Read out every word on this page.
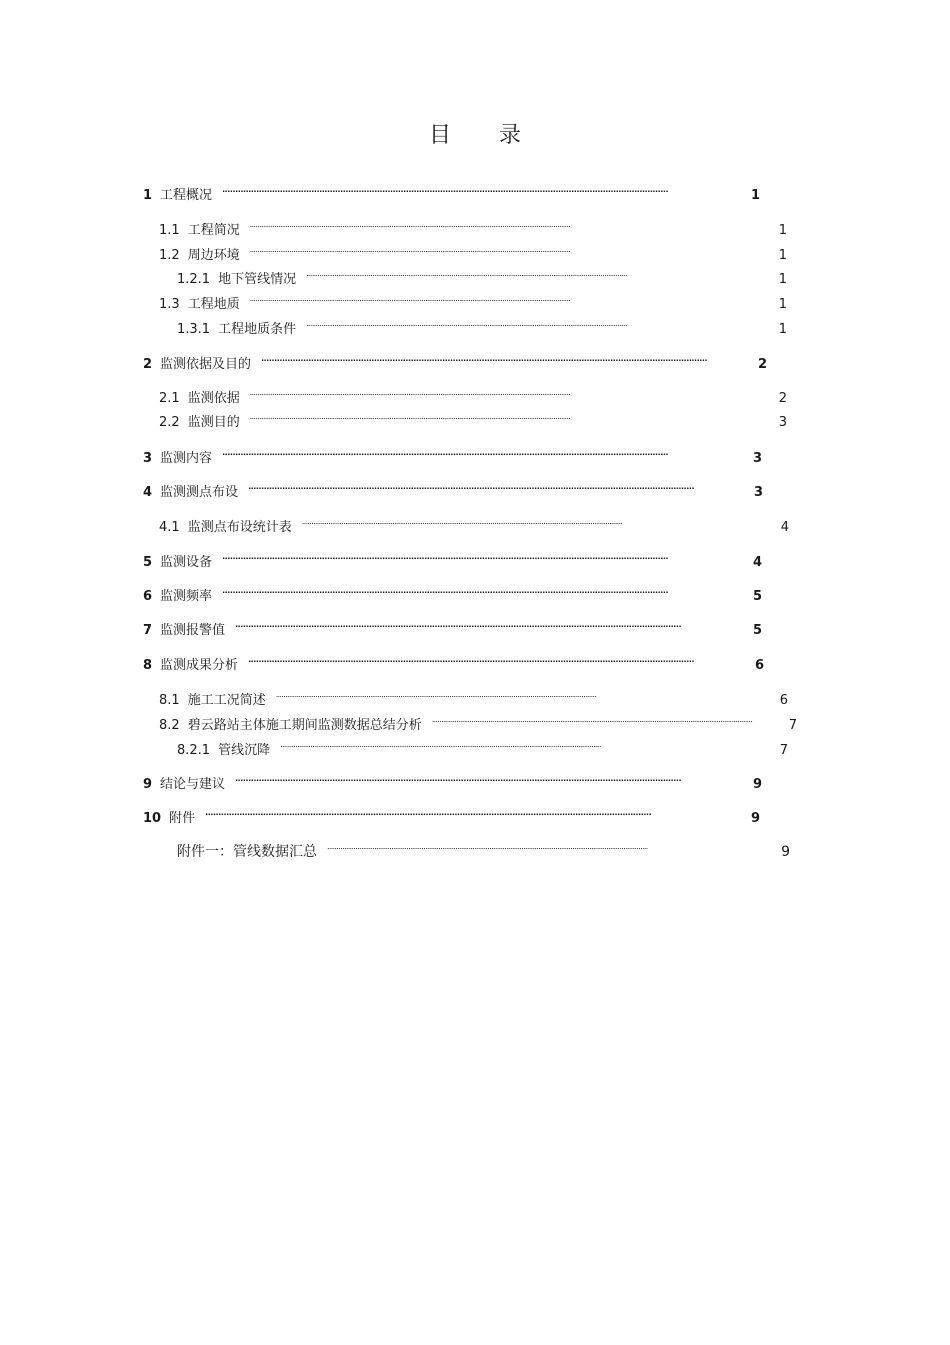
目 录
1 工程概况 . . .	1
1.1 工程简况 . . .	1
1.2 周边环境 . . .	1
1.2.1 地下管线情况 . . .	1
1.3 工程地质 . . .	1
1.3.1 工程地质条件 . . .	1
2 监测依据及目的 . . .	2
2.1 监测依据 . . .	2
2.2 监测目的 . . .	3
3 监测内容 . . .	3
4 监测测点布设 . . .	3
4.1 监测点布设统计表 . . .	4
5 监测设备 . . .	4
6 监测频率 . . .	5
7 监测报警值 . . .	5
8 监测成果分析 . . .	6
8.1 施工工况简述 . . .	6
8.2 碧云路站主体施工期间监测数据总结分析 . . .	7
8.2.1 管线沉降 . . .	7
9 结论与建议 . . .	9
10 附件 . . .	9
附件一：管线数据汇总 . . .	9
